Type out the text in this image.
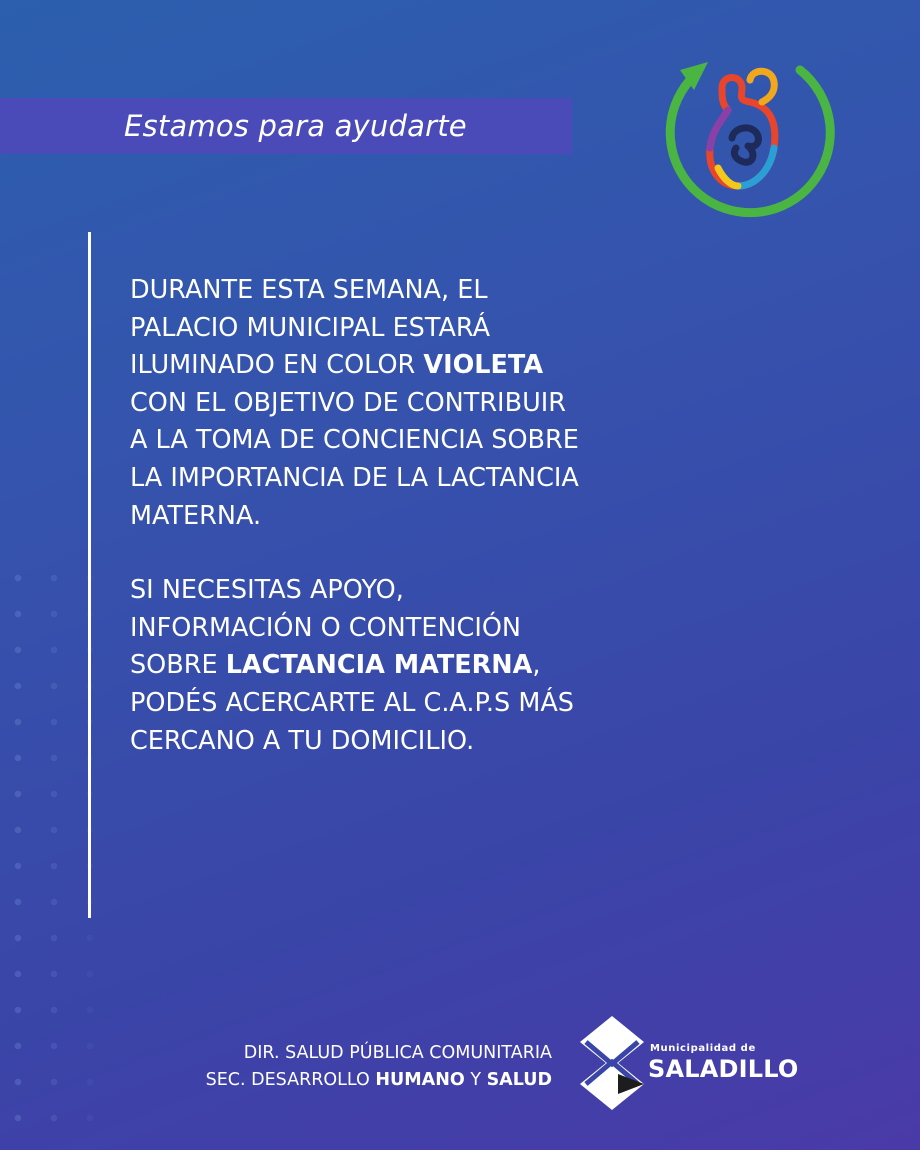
Estamos para ayudarte

DURANTE ESTA SEMANA, EL PALACIO MUNICIPAL ESTARÁ ILUMINADO EN COLOR VIOLETA CON EL OBJETIVO DE CONTRIBUIR A LA TOMA DE CONCIENCIA SOBRE LA IMPORTANCIA DE LA LACTANCIA MATERNA.

SI NECESITAS APOYO, INFORMACIÓN O CONTENCIÓN SOBRE LACTANCIA MATERNA, PODÉS ACERCARTE AL C.A.P.S MÁS CERCANO A TU DOMICILIO.

DIR. SALUD PÚBLICA COMUNITARIA
SEC. DESARROLLO HUMANO Y SALUD
Municipalidad de
SALADILLO
